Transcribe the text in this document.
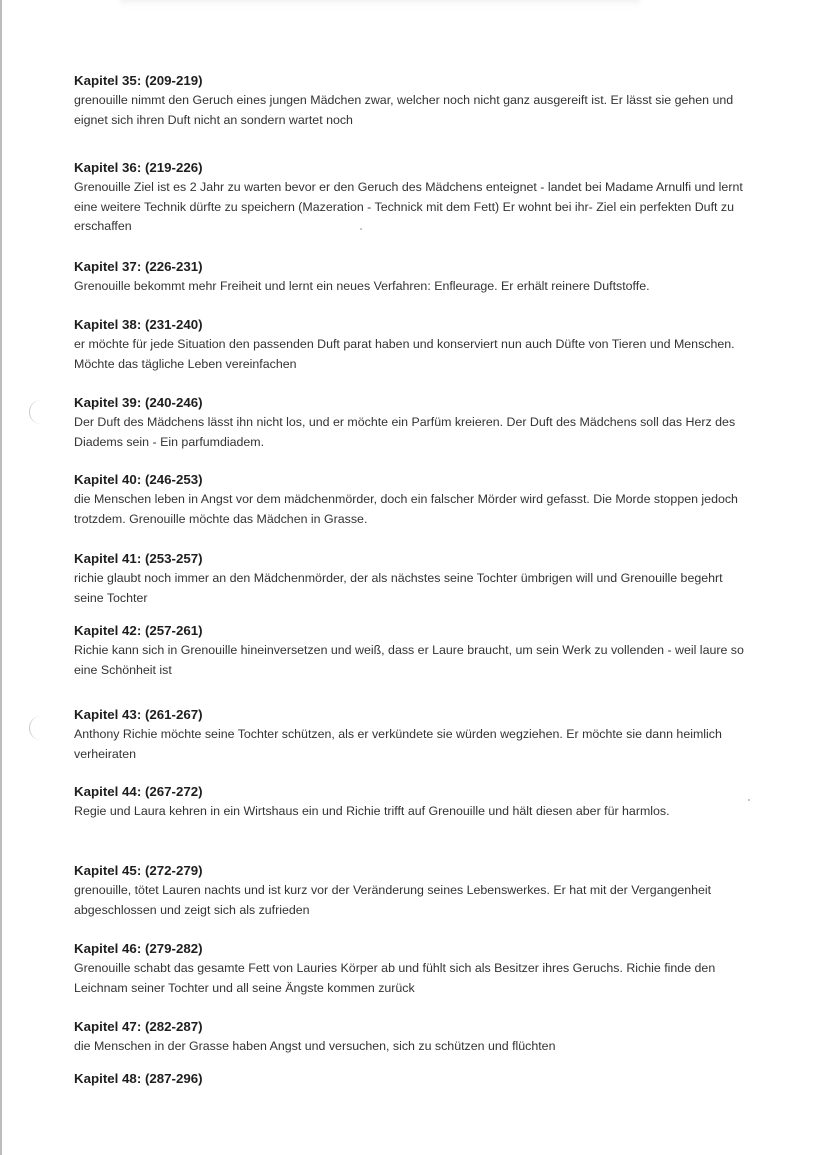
Kapitel 35: (209-219)
grenouille nimmt den Geruch eines jungen Mädchen zwar, welcher noch nicht ganz ausgereift ist. Er lässt sie gehen und eignet sich ihren Duft nicht an sondern wartet noch
Kapitel 36: (219-226)
Grenouille Ziel ist es 2 Jahr zu warten bevor er den Geruch des Mädchens enteignet - landet bei Madame Arnulfi und lernt eine weitere Technik dürfte zu speichern (Mazeration - Technick mit dem Fett) Er wohnt bei ihr- Ziel ein perfekten Duft zu erschaffen
Kapitel 37: (226-231)
Grenouille bekommt mehr Freiheit und lernt ein neues Verfahren: Enfleurage. Er erhält reinere Duftstoffe.
Kapitel 38: (231-240)
er möchte für jede Situation den passenden Duft parat haben und konserviert nun auch Düfte von Tieren und Menschen. Möchte das tägliche Leben vereinfachen
Kapitel 39: (240-246)
Der Duft des Mädchens lässt ihn nicht los, und er möchte ein Parfüm kreieren. Der Duft des Mädchens soll das Herz des Diadems sein - Ein parfumdiadem.
Kapitel 40: (246-253)
die Menschen leben in Angst vor dem mädchenmörder, doch ein falscher Mörder wird gefasst. Die Morde stoppen jedoch trotzdem. Grenouille möchte das Mädchen in Grasse.
Kapitel 41: (253-257)
richie glaubt noch immer an den Mädchenmörder, der als nächstes seine Tochter ümbrigen will und Grenouille begehrt seine Tochter
Kapitel 42: (257-261)
Richie kann sich in Grenouille hineinversetzen und weiß, dass er Laure braucht, um sein Werk zu vollenden - weil laure so eine Schönheit ist
Kapitel 43: (261-267)
Anthony Richie möchte seine Tochter schützen, als er verkündete sie würden wegziehen. Er möchte sie dann heimlich verheiraten
Kapitel 44: (267-272)
Regie und Laura kehren in ein Wirtshaus ein und Richie trifft auf Grenouille und hält diesen aber für harmlos.
Kapitel 45: (272-279)
grenouille, tötet Lauren nachts und ist kurz vor der Veränderung seines Lebenswerkes. Er hat mit der Vergangenheit abgeschlossen und zeigt sich als zufrieden
Kapitel 46: (279-282)
Grenouille schabt das gesamte Fett von Lauries Körper ab und fühlt sich als Besitzer ihres Geruchs. Richie finde den Leichnam seiner Tochter und all seine Ängste kommen zurück
Kapitel 47: (282-287)
die Menschen in der Grasse haben Angst und versuchen, sich zu schützen und flüchten
Kapitel 48: (287-296)
